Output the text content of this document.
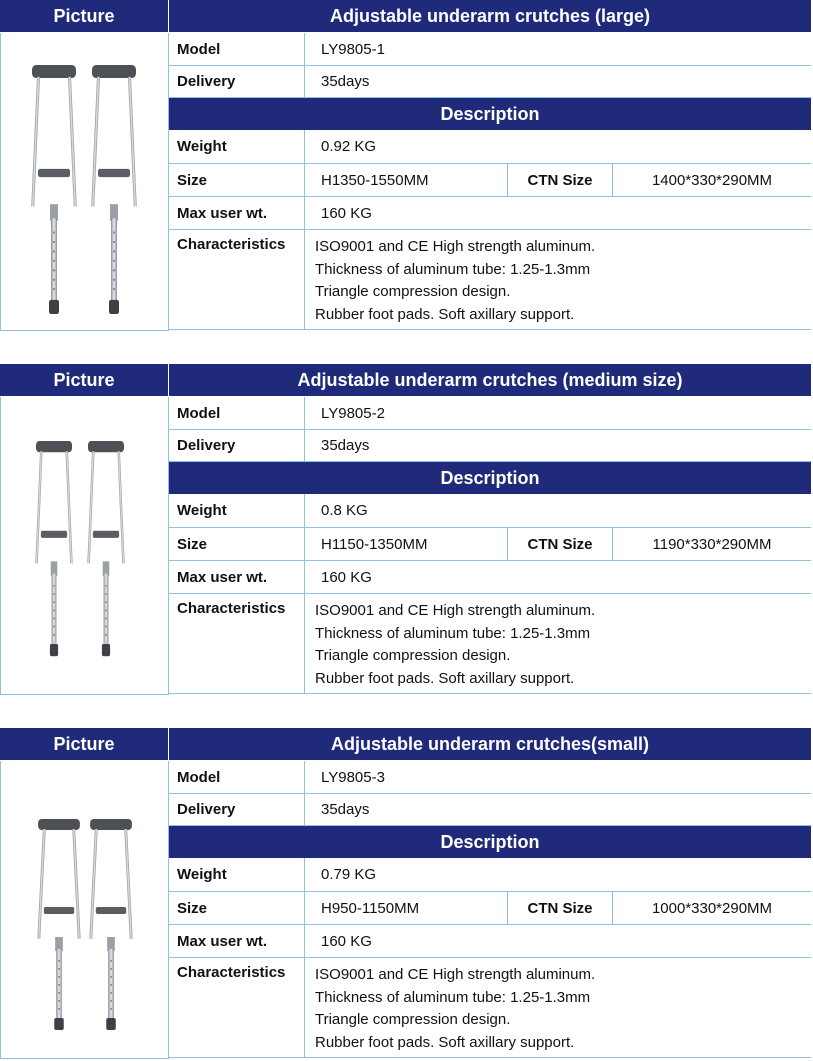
Picture	Adjustable underarm crutches (large)
Model	LY9805-1
Delivery	35days
Description
Weight	0.92 KG
Size	H1350-1550MM	CTN Size	1400*330*290MM
Max user wt.	160 KG
Characteristics	ISO9001 and CE High strength aluminum.
Thickness of aluminum tube: 1.25-1.3mm
Triangle compression design.
Rubber foot pads. Soft axillary support.
Picture	Adjustable underarm crutches (medium size)
Model	LY9805-2
Delivery	35days
Description
Weight	0.8 KG
Size	H1150-1350MM	CTN Size	1190*330*290MM
Max user wt.	160 KG
Characteristics	ISO9001 and CE High strength aluminum.
Thickness of aluminum tube: 1.25-1.3mm
Triangle compression design.
Rubber foot pads. Soft axillary support.
Picture	Adjustable underarm crutches(small)
Model	LY9805-3
Delivery	35days
Description
Weight	0.79 KG
Size	H950-1150MM	CTN Size	1000*330*290MM
Max user wt.	160 KG
Characteristics	ISO9001 and CE High strength aluminum.
Thickness of aluminum tube: 1.25-1.3mm
Triangle compression design.
Rubber foot pads. Soft axillary support.
